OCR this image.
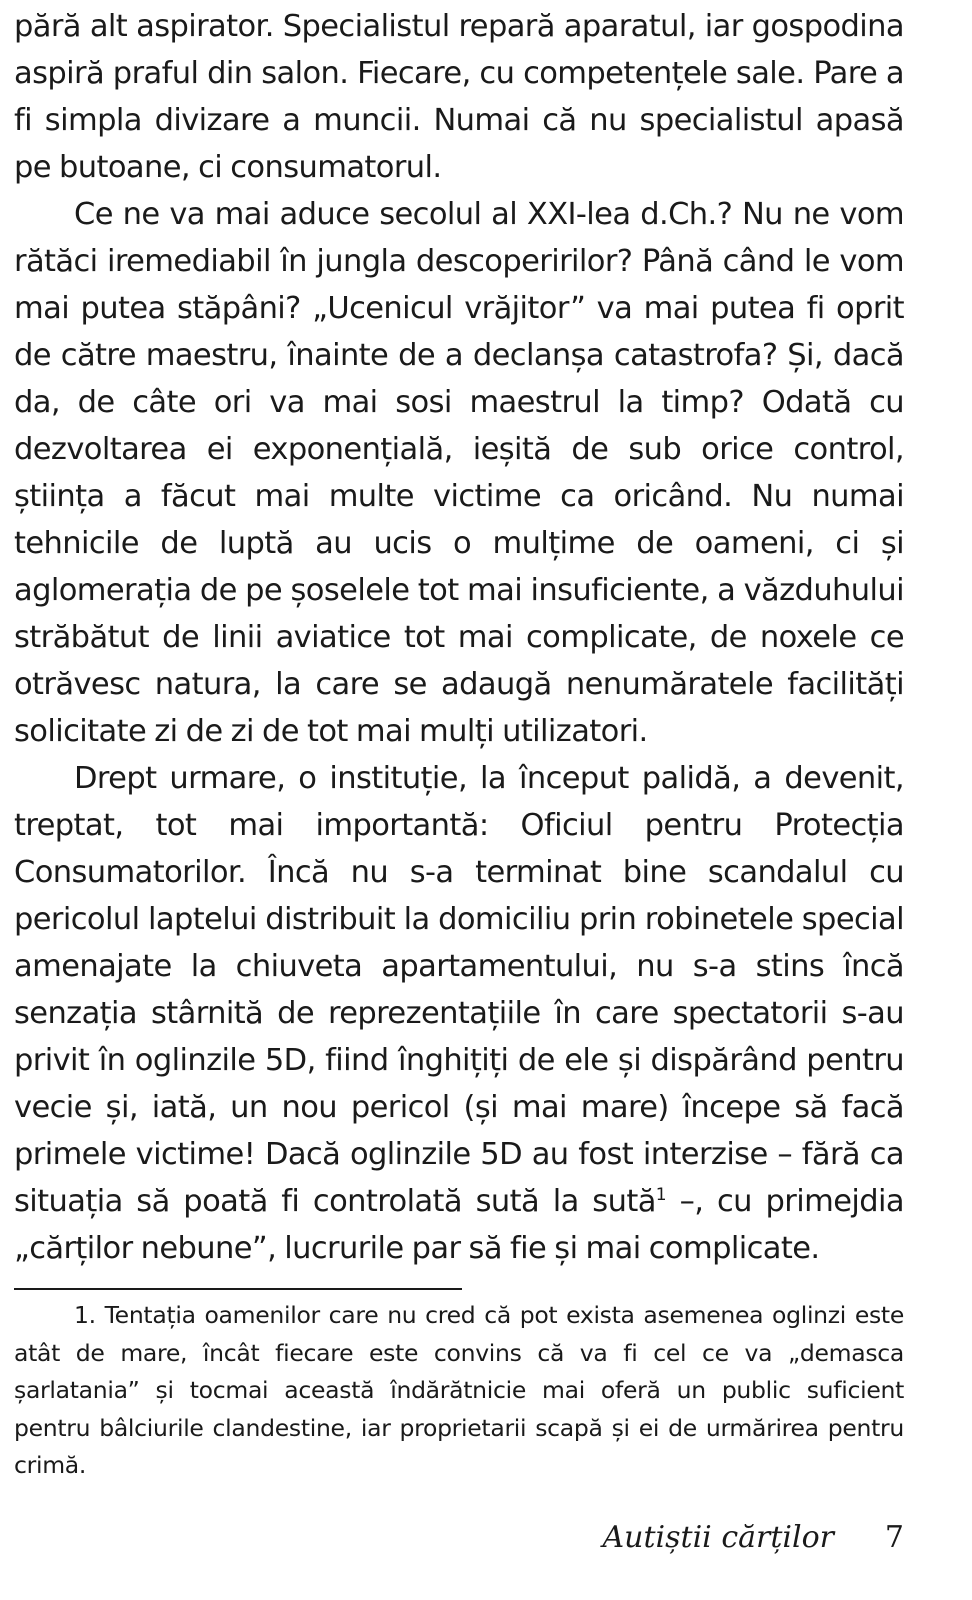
pără alt aspirator. Specialistul repară aparatul, iar gospodina aspiră praful din salon. Fiecare, cu competențele sale. Pare a fi simpla divizare a muncii. Numai că nu specialistul apasă pe butoane, ci consumatorul.

Ce ne va mai aduce secolul al XXI-lea d.Ch.? Nu ne vom rătăci iremediabil în jungla descoperirilor? Până când le vom mai putea stăpâni? „Ucenicul vrăjitor” va mai putea fi oprit de către maestru, înainte de a declanșa catastrofa? Și, dacă da, de câte ori va mai sosi maestrul la timp? Odată cu dezvoltarea ei exponențială, ieșită de sub orice control, știința a făcut mai multe victime ca oricând. Nu numai tehnicile de luptă au ucis o mulțime de oameni, ci și aglomerația de pe șoselele tot mai insuficiente, a văzduhului străbătut de linii aviatice tot mai complicate, de noxele ce otrăvesc natura, la care se adaugă nenumăratele facilități solicitate zi de zi de tot mai mulți utilizatori.

Drept urmare, o instituție, la început palidă, a devenit, treptat, tot mai importantă: Oficiul pentru Protecția Consumatorilor. Încă nu s-a terminat bine scandalul cu pericolul laptelui distribuit la domiciliu prin robinetele special amenajate la chiuveta apartamentului, nu s-a stins încă senzația stârnită de reprezentațiile în care spectatorii s-au privit în oglinzile 5D, fiind înghițiți de ele și dispărând pentru vecie și, iată, un nou pericol (și mai mare) începe să facă primele victime! Dacă oglinzile 5D au fost interzise – fără ca situația să poată fi controlată sută la sută$^1$ –, cu primejdia „cărților nebune”, lucrurile par să fie și mai complicate.

1. Tentația oamenilor care nu cred că pot exista asemenea oglinzi este atât de mare, încât fiecare este convins că va fi cel ce va „demasca șarlatania” și tocmai această îndărătnicie mai oferă un public suficient pentru bâlciurile clandestine, iar proprietarii scapă și ei de urmărirea pentru crimă.

Autiștii cărților 7
